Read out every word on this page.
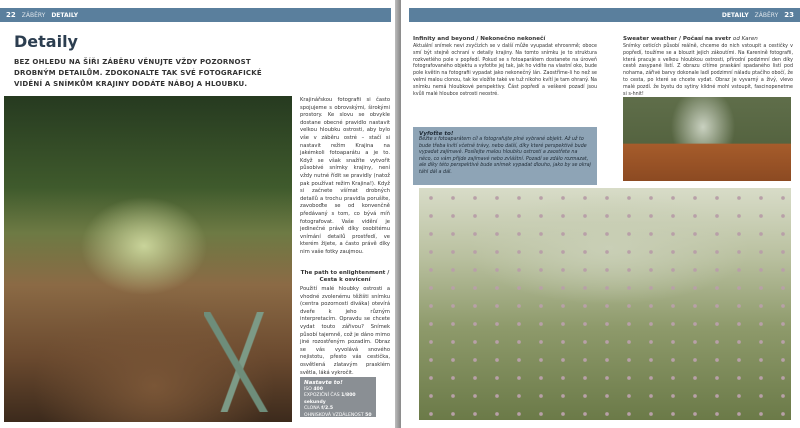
22 ZÁBĚRY DETAILY
Detaily
BEZ OHLEDU NA ŠÍŘI ZÁBĚRU VĚNUJTE VŽDY POZORNOST DROBNÝM DETAILŮM. ZDOKONALTE TAK SVÉ FOTOGRAFICKÉ VIDĚNÍ A SNÍMKŮM KRAJINY DODÁTE NÁBOJ A HLOUBKU.
Krajinářskou fotografii si často spojujeme s obrovskými, širokými prostory. Ke slovu se obvykle dostane obecné pravidlo nastavit velkou hloubku ostrosti, aby bylo vše v záběru ostré – stačí si nastavit režim Krajina na jakémkoli fotoaparátu a je to. Když se však snažíte vytvořit působivé snímky krajiny, není vždy nutné řídit se pravidly (natož pak používat režim Krajina!). Když si začnete všímat drobných detailů a trochu pravidla porušíte, zavoboďte se od konvenčně předávaný s tom, co bývá míň fotografovat. Vaše vidění je jedinečné právě díky osobitému vnímání detailů prostředí, ve kterém žijete, a často právě díky nim vaše fotky zaujmou.
The path to enlightenment / Cesta k osvícení
Použití malé hloubky ostrosti a vhodné zvolenému těžišti snímku (centra pozornosti diváka) otevírá dveře k jeho různým interpretacím. Opravdu se chcete vydat touto zářivou? Snímek působí tajemně, což je dáno mimo jiné rozostřeným pozadím. Obraz se vás vyvolává snového nejistotu, přesto vás cestička, osvětlená zlatavým prasklém světla, láká vykročit.
Nastavte to!
ISO 400
EXPOZIČNÍ ČAS 1/800 sekundy
CLONA f/2.5
OHNISKOVÁ VZDÁLENOST 50 mm
DETAILY ZÁBĚRY 23
Infinity and beyond / Nekonečno nekonečí
Aktuální snímek nevi zvyčizích se v další může vyupadat ehrosnmě; oboce smí být stejně ochraní v detaily krajiny. Na tomto snímku je to struktura rozkvetlého pole v popředí. Pokud se s fotoaparátem dostanete na úroveň fotografovaného objektu a vyfotíte jej tak, jak ho vidíte na vlastní oko, bude pole květin na fotografii vypadat jako nekonečný lán. Zaostříme-li ho než se velmi malou clonou, tak ke vložíte také ve tuž nikoho kvítí je tam ohraný. Na snímku nemá hloubkové perspektivy. Část popředí a veškeré pozadí jsou kvůli malé hloubce ostrosti neostré.
Vyfoťte to!
Běžte s fotoaparátem cíl a fotografujte plné vybrané objekt. Až už to bude třeba kvítí včetně trávy, nebo další, díky které perspektivě bude vypadat zajímavě. Posílejte malou hloubku ostrosti a zaostřete na něco, co vám přijde zajímavé nebo zvláštní. Pozadí se zdálo rozmazat, ale díky této perspektivě bude snímek vypadat dlouho, jako by se okraj táhl dál a dál.
Sweater weather / Počasí na svetr od Karen
Snímky ceticích působí reálně, chceme do nich vstoupit a cestičky v popředí, toužíme se a blouzit jejich zákoutími. Na Karenině fotografii, která pracuje s velkou hloubkou ostrosti, přírodní podzimní den díky cestě zasypané listí. Z obrazu cítíme praskání spadaného listí pod nohama, zářivé barvy dokonale ladí podzimní náladu ptačího obočí, že to cesta, po které se chcete vydat. Obraz je vyvarný a živý, vlevo malé pozdí. že bystu do sytiny klidné mohl vstoupit, fascinopenetme si s-hnit!
